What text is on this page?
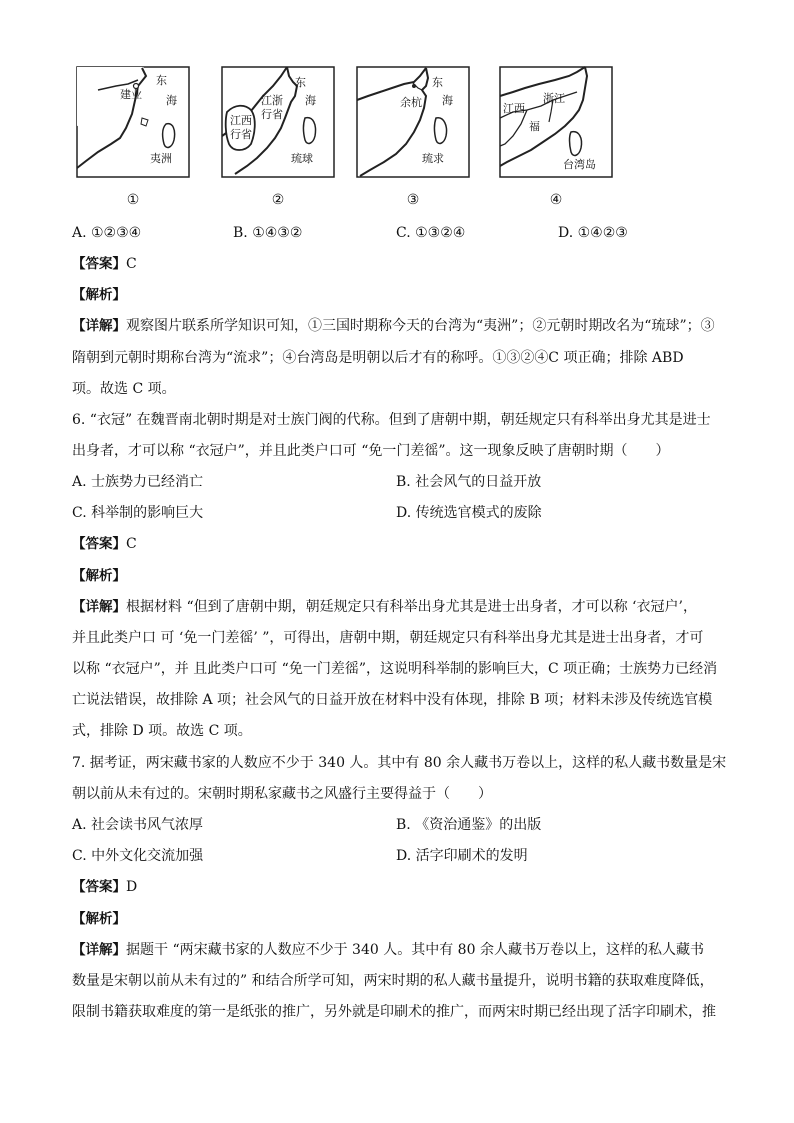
建业
东
海
夷洲
①
东
海
江浙
行省
江西
行省
琉球
②
东
海
余杭
琉求
③
浙江
江西
福
台湾岛
④
A. ①②③④	B. ①④③②	C. ①③②④	D. ①④②③
【答案】C
【解析】
【详解】观察图片联系所学知识可知，①三国时期称今天的台湾为“夷洲”；②元朝时期改名为“琉球”；③
隋朝到元朝时期称台湾为“流求”；④台湾岛是明朝以后才有的称呼。①③②④C 项正确；排除 ABD
项。故选 C 项。
6. “衣冠” 在魏晋南北朝时期是对士族门阀的代称。但到了唐朝中期，朝廷规定只有科举出身尤其是进士
出身者，才可以称 “衣冠户”，并且此类户口可 “免一门差徭”。这一现象反映了唐朝时期（　　）
A. 士族势力已经消亡	B. 社会风气的日益开放
C. 科举制的影响巨大	D. 传统选官模式的废除
【答案】C
【解析】
【详解】根据材料 “但到了唐朝中期，朝廷规定只有科举出身尤其是进士出身者，才可以称 ‘衣冠户’，
并且此类户口 可 ‘免一门差徭’ ”，可得出，唐朝中期，朝廷规定只有科举出身尤其是进士出身者，才可
以称 “衣冠户”，并 且此类户口可 “免一门差徭”，这说明科举制的影响巨大，C 项正确；士族势力已经消
亡说法错误，故排除 A 项；社会风气的日益开放在材料中没有体现，排除 B 项；材料未涉及传统选官模
式，排除 D 项。故选 C 项。
7. 据考证，两宋藏书家的人数应不少于 340 人。其中有 80 余人藏书万卷以上，这样的私人藏书数量是宋
朝以前从未有过的。宋朝时期私家藏书之风盛行主要得益于（　　）
A. 社会读书风气浓厚	B. 《资治通鉴》的出版
C. 中外文化交流加强	D. 活字印刷术的发明
【答案】D
【解析】
【详解】据题干 “两宋藏书家的人数应不少于 340 人。其中有 80 余人藏书万卷以上，这样的私人藏书
数量是宋朝以前从未有过的” 和结合所学可知，两宋时期的私人藏书量提升，说明书籍的获取难度降低，
限制书籍获取难度的第一是纸张的推广，另外就是印刷术的推广，而两宋时期已经出现了活字印刷术，推
